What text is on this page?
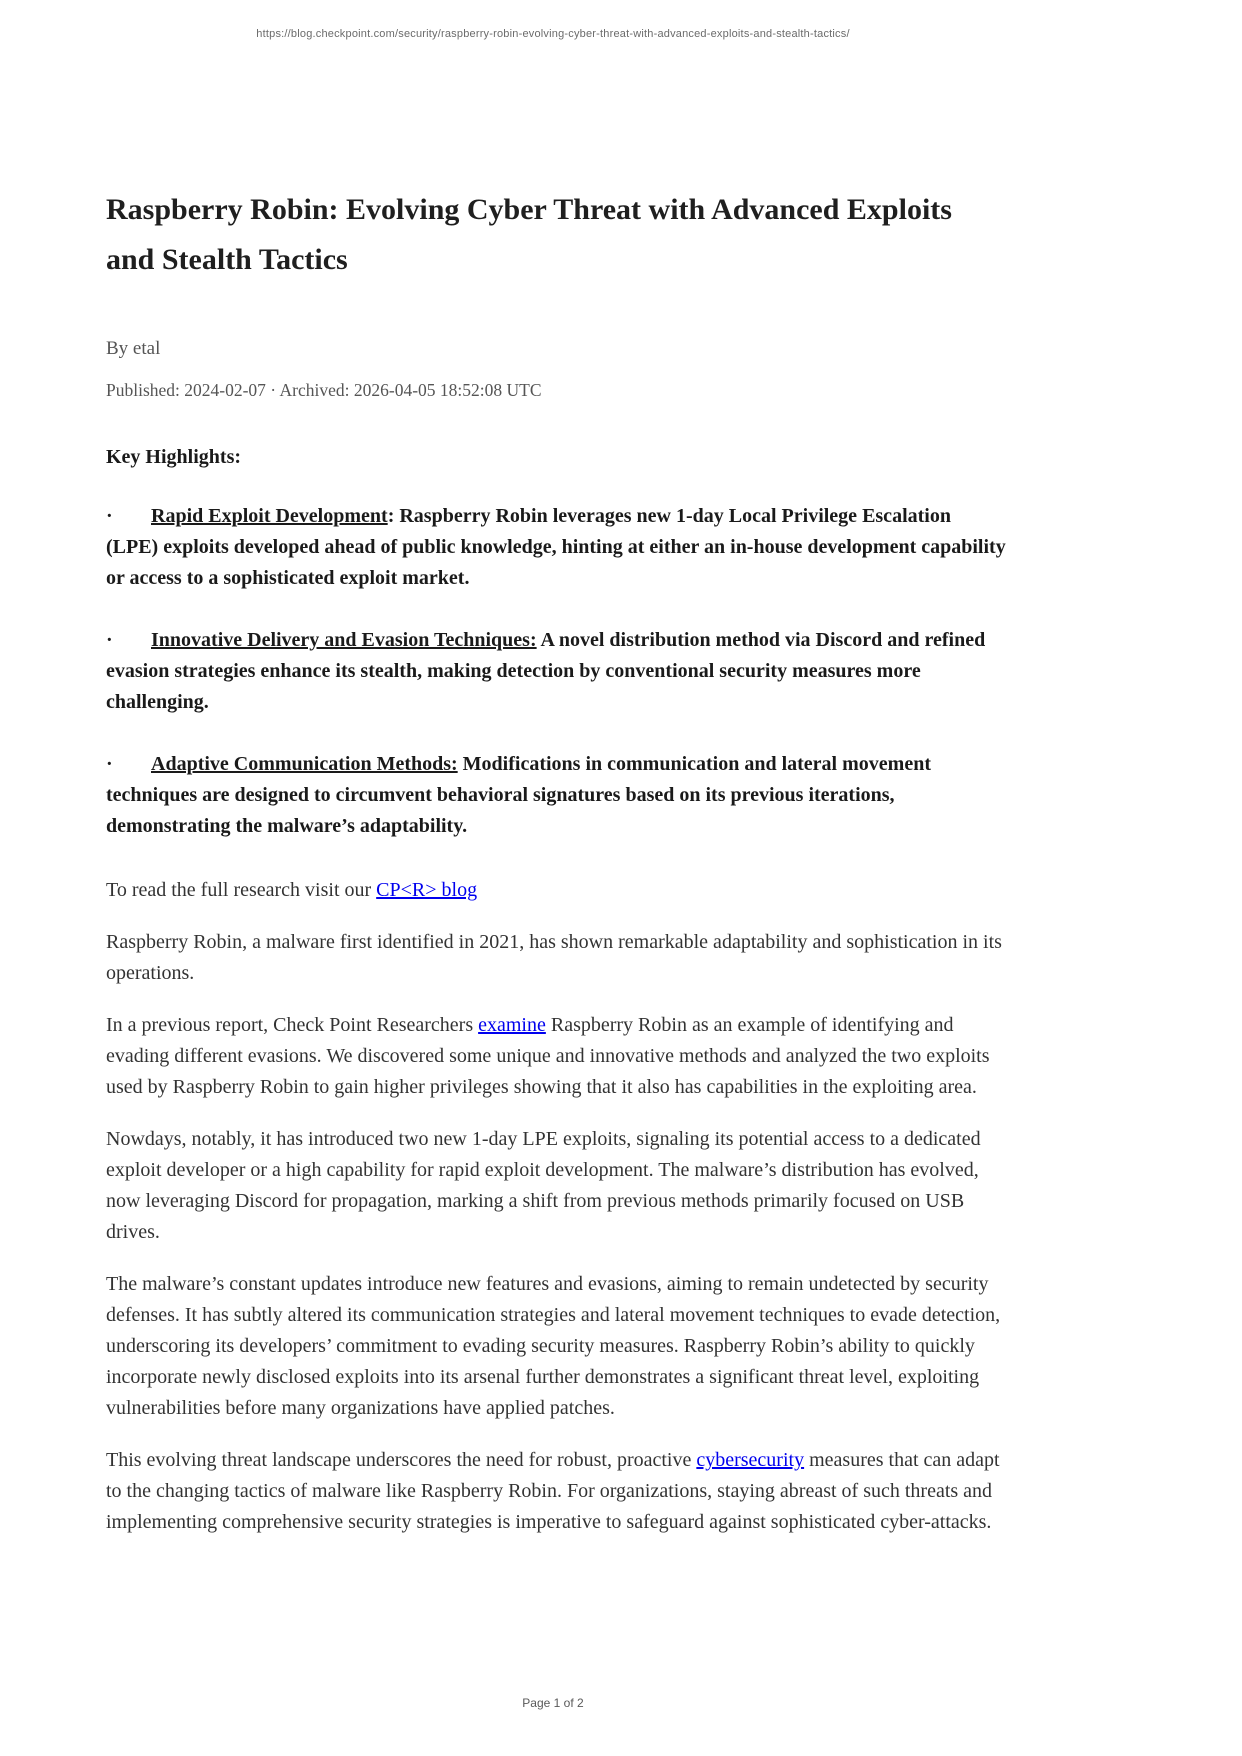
https://blog.checkpoint.com/security/raspberry-robin-evolving-cyber-threat-with-advanced-exploits-and-stealth-tactics/
Raspberry Robin: Evolving Cyber Threat with Advanced Exploits and Stealth Tactics
By etal
Published: 2024-02-07 · Archived: 2026-04-05 18:52:08 UTC
Key Highlights:

· Rapid Exploit Development: Raspberry Robin leverages new 1-day Local Privilege Escalation (LPE) exploits developed ahead of public knowledge, hinting at either an in-house development capability or access to a sophisticated exploit market.

· Innovative Delivery and Evasion Techniques: A novel distribution method via Discord and refined evasion strategies enhance its stealth, making detection by conventional security measures more challenging.

· Adaptive Communication Methods: Modifications in communication and lateral movement techniques are designed to circumvent behavioral signatures based on its previous iterations, demonstrating the malware’s adaptability.

To read the full research visit our CP<R> blog

Raspberry Robin, a malware first identified in 2021, has shown remarkable adaptability and sophistication in its operations.

In a previous report, Check Point Researchers examine Raspberry Robin as an example of identifying and evading different evasions. We discovered some unique and innovative methods and analyzed the two exploits used by Raspberry Robin to gain higher privileges showing that it also has capabilities in the exploiting area.

Nowdays, notably, it has introduced two new 1-day LPE exploits, signaling its potential access to a dedicated exploit developer or a high capability for rapid exploit development. The malware’s distribution has evolved, now leveraging Discord for propagation, marking a shift from previous methods primarily focused on USB drives.

The malware’s constant updates introduce new features and evasions, aiming to remain undetected by security defenses. It has subtly altered its communication strategies and lateral movement techniques to evade detection, underscoring its developers’ commitment to evading security measures. Raspberry Robin’s ability to quickly incorporate newly disclosed exploits into its arsenal further demonstrates a significant threat level, exploiting vulnerabilities before many organizations have applied patches.

This evolving threat landscape underscores the need for robust, proactive cybersecurity measures that can adapt to the changing tactics of malware like Raspberry Robin. For organizations, staying abreast of such threats and implementing comprehensive security strategies is imperative to safeguard against sophisticated cyber-attacks.

Page 1 of 2
